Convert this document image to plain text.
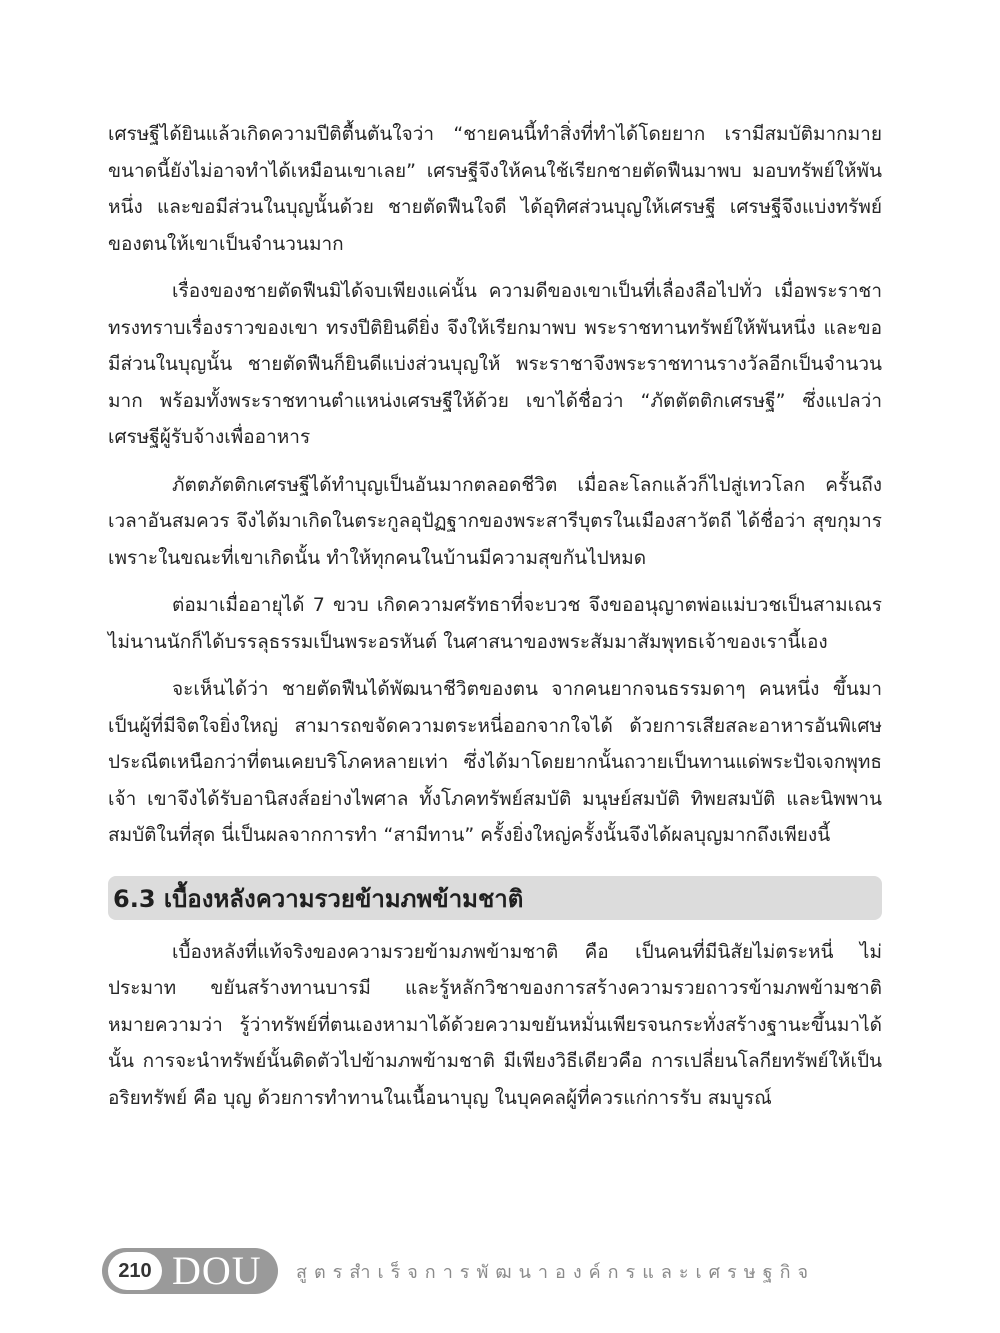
เศรษฐีได้ยินแล้วเกิดความปีติตื้นตันใจว่า “ชายคนนี้ทำสิ่งที่ทำได้โดยยาก เรามีสมบัติมากมายขนาดนี้ยังไม่อาจทำได้เหมือนเขาเลย” เศรษฐีจึงให้คนใช้เรียกชายตัดฟืนมาพบ มอบทรัพย์ให้พันหนึ่ง และขอมีส่วนในบุญนั้นด้วย ชายตัดฟืนใจดี ได้อุทิศส่วนบุญให้เศรษฐี เศรษฐีจึงแบ่งทรัพย์ของตนให้เขาเป็นจำนวนมาก

เรื่องของชายตัดฟืนมิได้จบเพียงแค่นั้น ความดีของเขาเป็นที่เลื่องลือไปทั่ว เมื่อพระราชาทรงทราบเรื่องราวของเขา ทรงปีติยินดียิ่ง จึงให้เรียกมาพบ พระราชทานทรัพย์ให้พันหนึ่ง และขอมีส่วนในบุญนั้น ชายตัดฟืนก็ยินดีแบ่งส่วนบุญให้ พระราชาจึงพระราชทานรางวัลอีกเป็นจำนวนมาก พร้อมทั้งพระราชทานตำแหน่งเศรษฐีให้ด้วย เขาได้ชื่อว่า “ภัตตัตติกเศรษฐี” ซึ่งแปลว่า เศรษฐีผู้รับจ้างเพื่ออาหาร

ภัตตภัตติกเศรษฐีได้ทำบุญเป็นอันมากตลอดชีวิต เมื่อละโลกแล้วก็ไปสู่เทวโลก ครั้นถึงเวลาอันสมควร จึงได้มาเกิดในตระกูลอุปัฏฐากของพระสารีบุตรในเมืองสาวัตถี ได้ชื่อว่า สุขกุมาร เพราะในขณะที่เขาเกิดนั้น ทำให้ทุกคนในบ้านมีความสุขกันไปหมด

ต่อมาเมื่ออายุได้ 7 ขวบ เกิดความศรัทธาที่จะบวช จึงขออนุญาตพ่อแม่บวชเป็นสามเณร ไม่นานนักก็ได้บรรลุธรรมเป็นพระอรหันต์ ในศาสนาของพระสัมมาสัมพุทธเจ้าของเรานี้เอง

จะเห็นได้ว่า ชายตัดฟืนได้พัฒนาชีวิตของตน จากคนยากจนธรรมดาๆ คนหนึ่ง ขึ้นมาเป็นผู้ที่มีจิตใจยิ่งใหญ่ สามารถขจัดความตระหนี่ออกจากใจได้ ด้วยการเสียสละอาหารอันพิเศษประณีตเหนือกว่าที่ตนเคยบริโภคหลายเท่า ซึ่งได้มาโดยยากนั้นถวายเป็นทานแด่พระปัจเจกพุทธเจ้า เขาจึงได้รับอานิสงส์อย่างไพศาล ทั้งโภคทรัพย์สมบัติ มนุษย์สมบัติ ทิพยสมบัติ และนิพพานสมบัติในที่สุด นี่เป็นผลจากการทำ “สามีทาน” ครั้งยิ่งใหญ่ครั้งนั้นจึงได้ผลบุญมากถึงเพียงนี้

6.3 เบื้องหลังความรวยข้ามภพข้ามชาติ

เบื้องหลังที่แท้จริงของความรวยข้ามภพข้ามชาติ คือ เป็นคนที่มีนิสัยไม่ตระหนี่ ไม่ประมาท ขยันสร้างทานบารมี และรู้หลักวิชาของการสร้างความรวยถาวรข้ามภพข้ามชาติ หมายความว่า รู้ว่าทรัพย์ที่ตนเองหามาได้ด้วยความขยันหมั่นเพียรจนกระทั่งสร้างฐานะขึ้นมาได้นั้น การจะนำทรัพย์นั้นติดตัวไปข้ามภพข้ามชาติ มีเพียงวิธีเดียวคือ การเปลี่ยนโลกียทรัพย์ให้เป็นอริยทรัพย์ คือ บุญ ด้วยการทำทานในเนื้อนาบุญ ในบุคคลผู้ที่ควรแก่การรับ สมบูรณ์

210 DOU สูตรสำเร็จการพัฒนาองค์กรและเศรษฐกิจ
